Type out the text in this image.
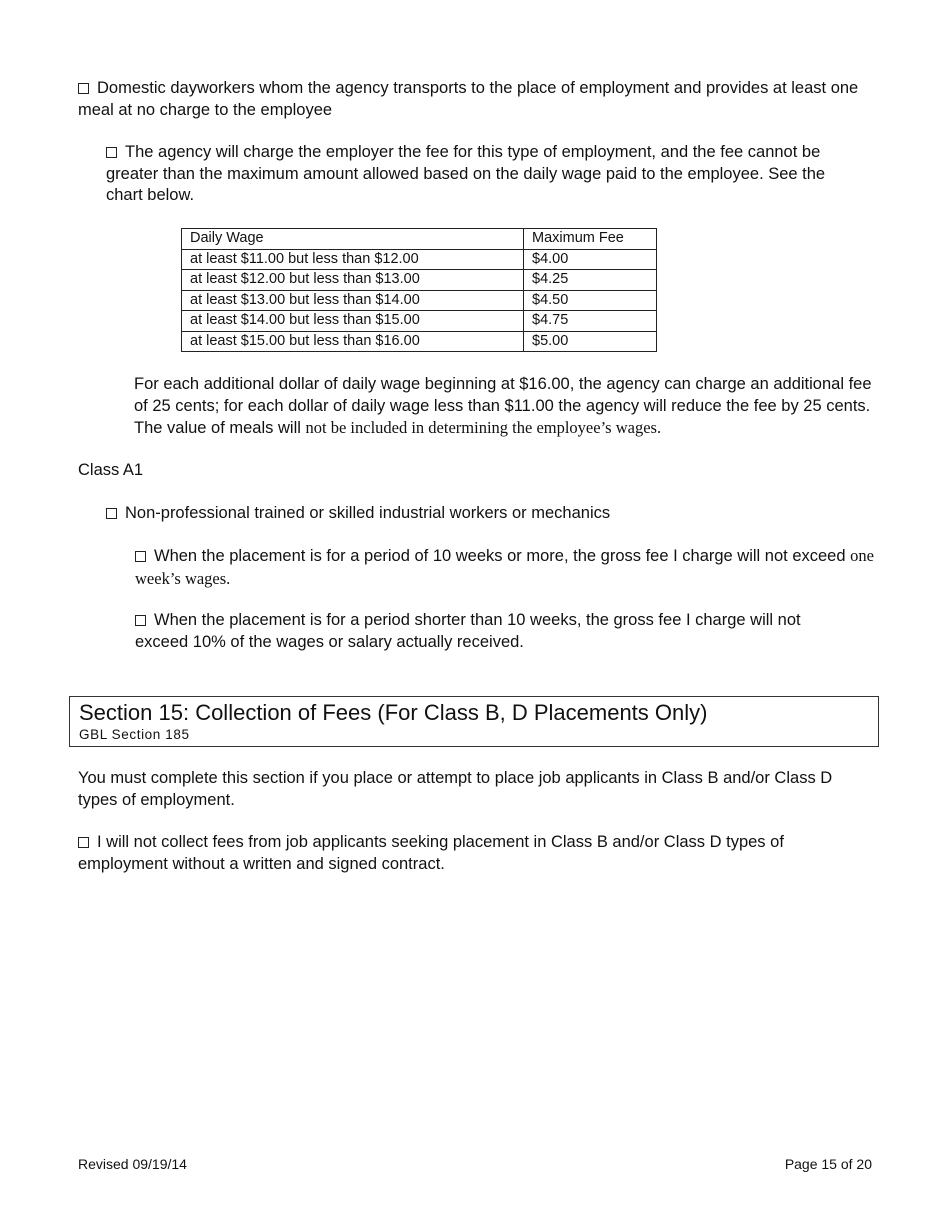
Domestic dayworkers whom the agency transports to the place of employment and provides at least one meal at no charge to the employee
The agency will charge the employer the fee for this type of employment, and the fee cannot be greater than the maximum amount allowed based on the daily wage paid to the employee. See the chart below.
Daily Wage	Maximum Fee
at least $11.00 but less than $12.00	$4.00
at least $12.00 but less than $13.00	$4.25
at least $13.00 but less than $14.00	$4.50
at least $14.00 but less than $15.00	$4.75
at least $15.00 but less than $16.00	$5.00
For each additional dollar of daily wage beginning at $16.00, the agency can charge an additional fee of 25 cents; for each dollar of daily wage less than $11.00 the agency will reduce the fee by 25 cents. The value of meals will not be included in determining the employee’s wages.
Class A1
Non-professional trained or skilled industrial workers or mechanics
When the placement is for a period of 10 weeks or more, the gross fee I charge will not exceed one week’s wages.
When the placement is for a period shorter than 10 weeks, the gross fee I charge will not exceed 10% of the wages or salary actually received.
Section 15: Collection of Fees (For Class B, D Placements Only)
GBL Section 185
You must complete this section if you place or attempt to place job applicants in Class B and/or Class D types of employment.
I will not collect fees from job applicants seeking placement in Class B and/or Class D types of employment without a written and signed contract.
Revised 09/19/14	Page 15 of 20
